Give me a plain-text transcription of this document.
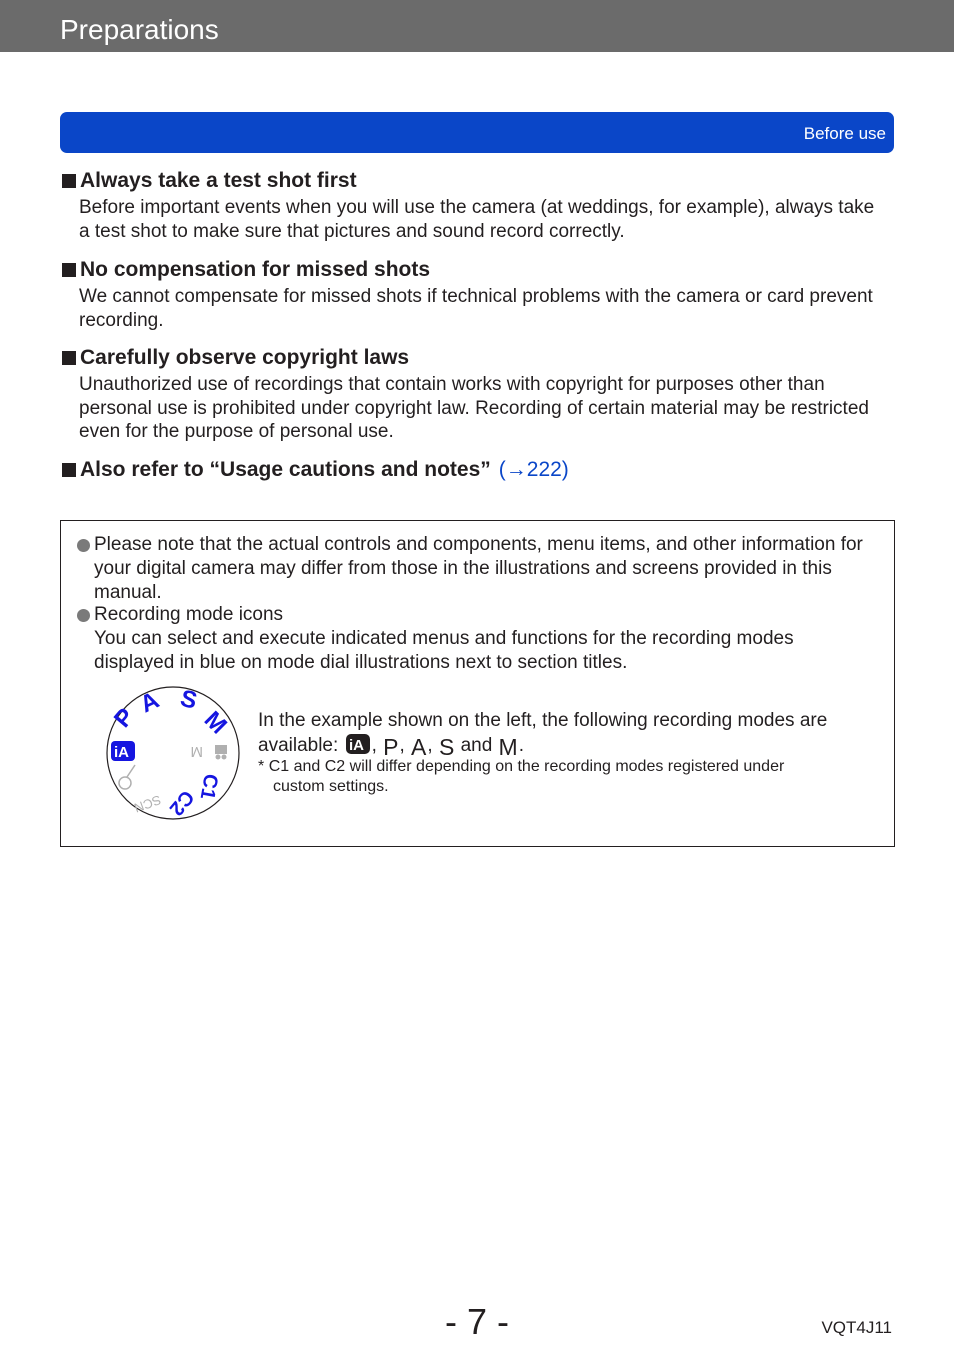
Preparations
Before use

Always take a test shot first

Before important events when you will use the camera (at weddings, for example), always take a test shot to make sure that pictures and sound record correctly.

No compensation for missed shots

We cannot compensate for missed shots if technical problems with the camera or card prevent recording.

Carefully observe copyright laws

Unauthorized use of recordings that contain works with copyright for purposes other than personal use is prohibited under copyright law. Recording of certain material may be restricted even for the purpose of personal use.

Also refer to “Usage cautions and notes” (→222)

Please note that the actual controls and components, menu items, and other information for your digital camera may differ from those in the illustrations and screens provided in this manual.
Recording mode icons
You can select and execute indicated menus and functions for the recording modes displayed in blue on mode dial illustrations next to section titles.
P
A S
M
C1
C2
SCN
iA	M
In the example shown on the left, the following recording modes are available: iA , P, A, S and M.
* C1 and C2 will differ depending on the recording modes registered under
custom settings.
- 7 -	VQT4J11
